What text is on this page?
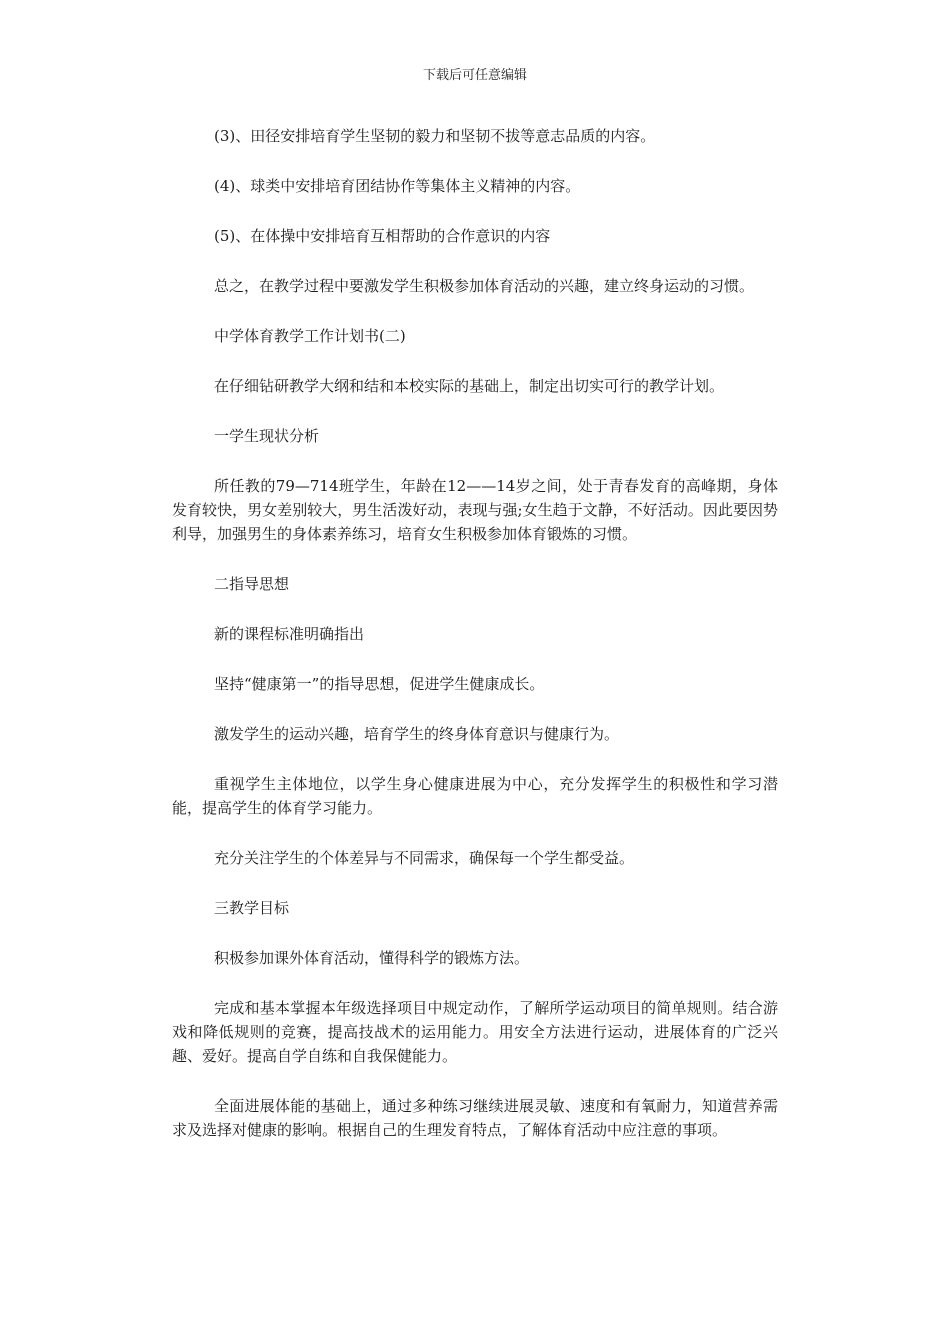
下载后可任意编辑

(3)、田径安排培育学生坚韧的毅力和坚韧不拔等意志品质的内容。

(4)、球类中安排培育团结协作等集体主义精神的内容。

(5)、在体操中安排培育互相帮助的合作意识的内容

总之，在教学过程中要激发学生积极参加体育活动的兴趣，建立终身运动的习惯。

中学体育教学工作计划书(二)

在仔细钻研教学大纲和结和本校实际的基础上，制定出切实可行的教学计划。

一学生现状分析

所任教的79—714班学生，年龄在12——14岁之间，处于青春发育的高峰期，身体发育较快，男女差别较大，男生活泼好动，表现与强;女生趋于文静，不好活动。因此要因势利导，加强男生的身体素养练习，培育女生积极参加体育锻炼的习惯。

二指导思想

新的课程标准明确指出

坚持“健康第一”的指导思想，促进学生健康成长。

激发学生的运动兴趣，培育学生的终身体育意识与健康行为。

重视学生主体地位，以学生身心健康进展为中心，充分发挥学生的积极性和学习潜能，提高学生的体育学习能力。

充分关注学生的个体差异与不同需求，确保每一个学生都受益。

三教学目标

积极参加课外体育活动，懂得科学的锻炼方法。

完成和基本掌握本年级选择项目中规定动作，了解所学运动项目的简单规则。结合游戏和降低规则的竞赛，提高技战术的运用能力。用安全方法进行运动，进展体育的广泛兴趣、爱好。提高自学自练和自我保健能力。

全面进展体能的基础上，通过多种练习继续进展灵敏、速度和有氧耐力，知道营养需求及选择对健康的影响。根据自己的生理发育特点，了解体育活动中应注意的事项。
